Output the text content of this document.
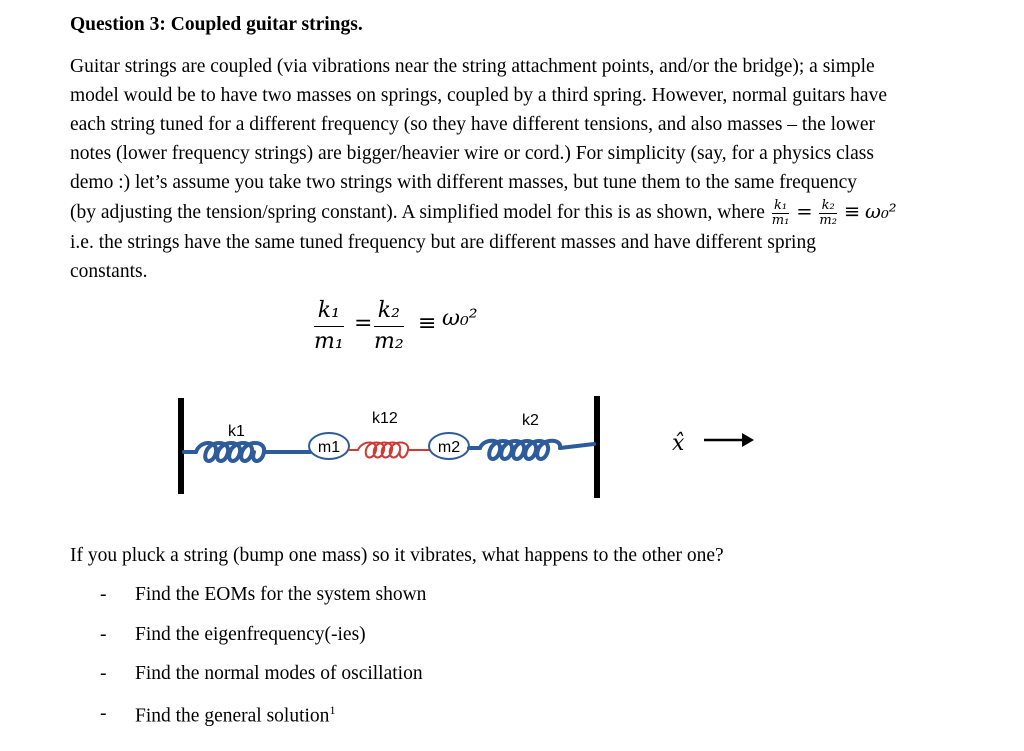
Question 3: Coupled guitar strings.
Guitar strings are coupled (via vibrations near the string attachment points, and/or the bridge); a simple
model would be to have two masses on springs, coupled by a third spring. However, normal guitars have
each string tuned for a different frequency (so they have different tensions, and also masses – the lower
notes (lower frequency strings) are bigger/heavier wire or cord.) For simplicity (say, for a physics class
demo :) let’s assume you take two strings with different masses, but tune them to the same frequency
(by adjusting the tension/spring constant). A simplified model for this is as shown, where $\frac{\text{k₁}}{\text{m₁}} = \frac{\text{k₂}}{\text{m₂}} \equiv \omega_0^2$
i.e. the strings have the same tuned frequency but are different masses and have different spring
constants.
$\frac{\text{k₁}}{\text{m₁}} = \frac{\text{k₂}}{\text{m₂}} \equiv \omega_0^2$
m1	m2
k1
k12	k2
x̂
If you pluck a string (bump one mass) so it vibrates, what happens to the other one?
-	Find the EOMs for the system shown
-	Find the eigenfrequency(-ies)
-	Find the normal modes of oscillation
-	Find the general solution$^1$
